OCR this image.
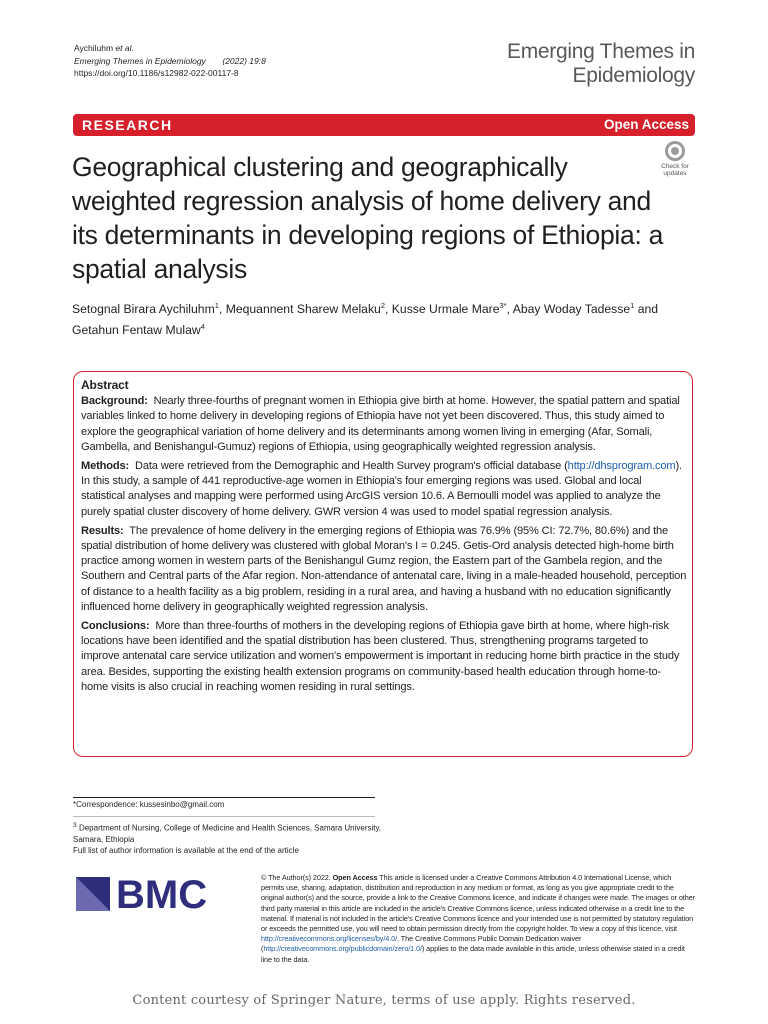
Aychiluhm et al.
Emerging Themes in Epidemiology (2022) 19:8
https://doi.org/10.1186/s12982-022-00117-8
Emerging Themes in
Epidemiology
RESEARCH	Open Access
Geographical clustering and geographically weighted regression analysis of home delivery and its determinants in developing regions of Ethiopia: a spatial analysis
Check for
updates
Setognal Birara Aychiluhm$^1$, Mequannent Sharew Melaku$^2$, Kusse Urmale Mare$^{3*}$, Abay Woday Tadesse$^1$ and
Getahun Fentaw Mulaw$^4$
Abstract

Background: Nearly three-fourths of pregnant women in Ethiopia give birth at home. However, the spatial pattern and spatial variables linked to home delivery in developing regions of Ethiopia have not yet been discovered. Thus, this study aimed to explore the geographical variation of home delivery and its determinants among women living in emerging (Afar, Somali, Gambella, and Benishangul-Gumuz) regions of Ethiopia, using geographically weighted regression analysis.

Methods: Data were retrieved from the Demographic and Health Survey program's official database (http://dhsprogram.com). In this study, a sample of 441 reproductive-age women in Ethiopia's four emerging regions was used. Global and local statistical analyses and mapping were performed using ArcGIS version 10.6. A Bernoulli model was applied to analyze the purely spatial cluster discovery of home delivery. GWR version 4 was used to model spatial regression analysis.

Results: The prevalence of home delivery in the emerging regions of Ethiopia was 76.9% (95% CI: 72.7%, 80.6%) and the spatial distribution of home delivery was clustered with global Moran's I = 0.245. Getis-Ord analysis detected high-home birth practice among women in western parts of the Benishangul Gumz region, the Eastern part of the Gambela region, and the Southern and Central parts of the Afar region. Non-attendance of antenatal care, living in a male-headed household, perception of distance to a health facility as a big problem, residing in a rural area, and having a husband with no education significantly influenced home delivery in geographically weighted regression analysis.

Conclusions: More than three-fourths of mothers in the developing regions of Ethiopia gave birth at home, where high-risk locations have been identified and the spatial distribution has been clustered. Thus, strengthening programs targeted to improve antenatal care service utilization and women's empowerment is important in reducing home birth practice in the study area. Besides, supporting the existing health extension programs on community-based health education through home-to-home visits is also crucial in reaching women residing in rural settings.

*Correspondence: kussesinbo@gmail.com
$^3$ Department of Nursing, College of Medicine and Health Sciences, Samara University, Samara, Ethiopia
Full list of author information is available at the end of the article
BMC	© The Author(s) 2022. Open Access This article is licensed under a Creative Commons Attribution 4.0 International License, which permits use, sharing, adaptation, distribution and reproduction in any medium or format, as long as you give appropriate credit to the original author(s) and the source, provide a link to the Creative Commons licence, and indicate if changes were made. The images or other third party material in this article are included in the article's Creative Commons licence, unless indicated otherwise in a credit line to the material. If material is not included in the article's Creative Commons licence and your intended use is not permitted by statutory regulation or exceeds the permitted use, you will need to obtain permission directly from the copyright holder. To view a copy of this licence, visit http://creativecommons.org/licenses/by/4.0/. The Creative Commons Public Domain Dedication waiver (http://creativecommons.org/publicdomain/zero/1.0/) applies to the data made available in this article, unless otherwise stated in a credit line to the data.
Content courtesy of Springer Nature, terms of use apply. Rights reserved.
